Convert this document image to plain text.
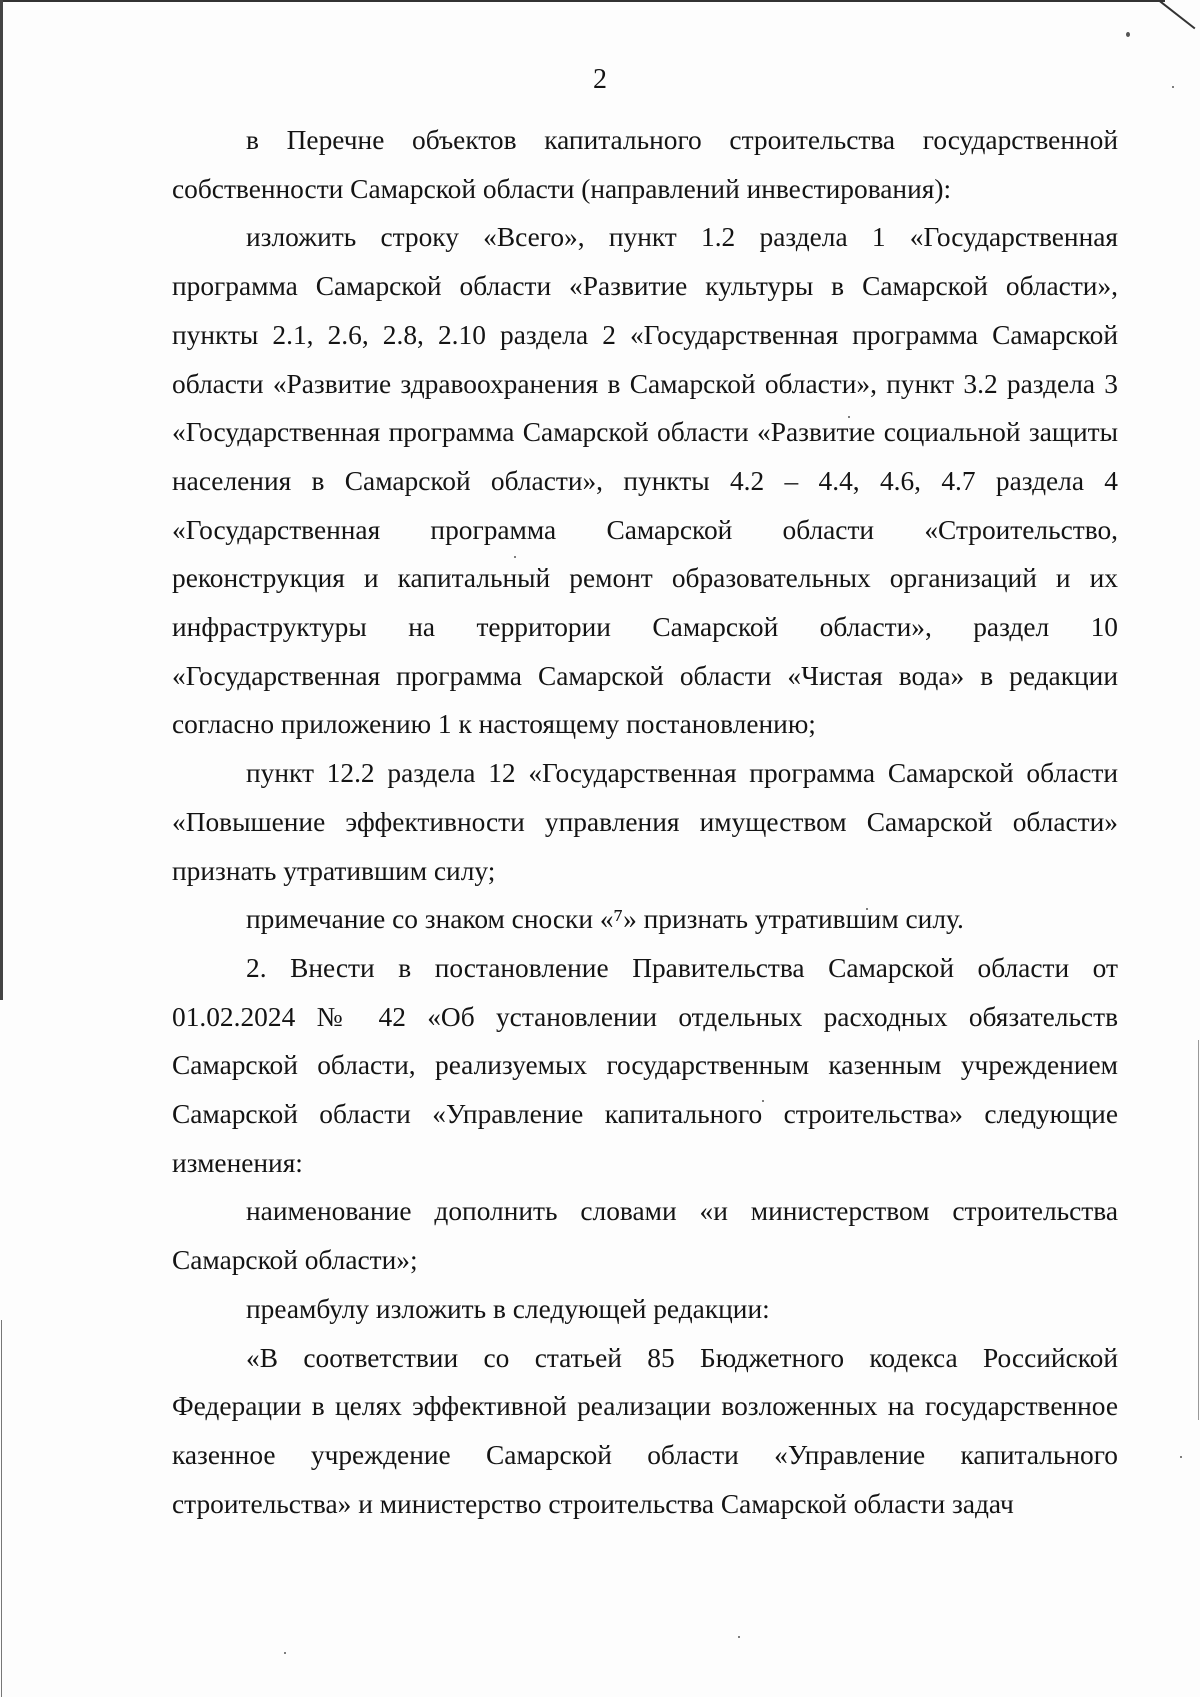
2

в Перечне объектов капитального строительства государственной собственности Самарской области (направлений инвестирования):

изложить строку «Всего», пункт 1.2 раздела 1 «Государственная программа Самарской области «Развитие культуры в Самарской области», пункты 2.1, 2.6, 2.8, 2.10 раздела 2 «Государственная программа Самарской области «Развитие здравоохранения в Самарской области», пункт 3.2 раздела 3 «Государственная программа Самарской области «Развитие социальной защиты населения в Самарской области», пункты 4.2 – 4.4, 4.6, 4.7 раздела 4 «Государственная программа Самарской области «Строительство, реконструкция и капитальный ремонт образовательных организаций и их инфраструктуры на территории Самарской области», раздел 10 «Государственная программа Самарской области «Чистая вода» в редакции согласно приложению 1 к настоящему постановлению;

пункт 12.2 раздела 12 «Государственная программа Самарской области «Повышение эффективности управления имуществом Самарской области» признать утратившим силу;

примечание со знаком сноски «⁷» признать утратившим силу.

2. Внести в постановление Правительства Самарской области от 01.02.2024 № 42 «Об установлении отдельных расходных обязательств Самарской области, реализуемых государственным казенным учреждением Самарской области «Управление капитального строительства» следующие изменения:

наименование дополнить словами «и министерством строительства Самарской области»;

преамбулу изложить в следующей редакции:

«В соответствии со статьей 85 Бюджетного кодекса Российской Федерации в целях эффективной реализации возложенных на государственное казенное учреждение Самарской области «Управление капитального строительства» и министерство строительства Самарской области задач
